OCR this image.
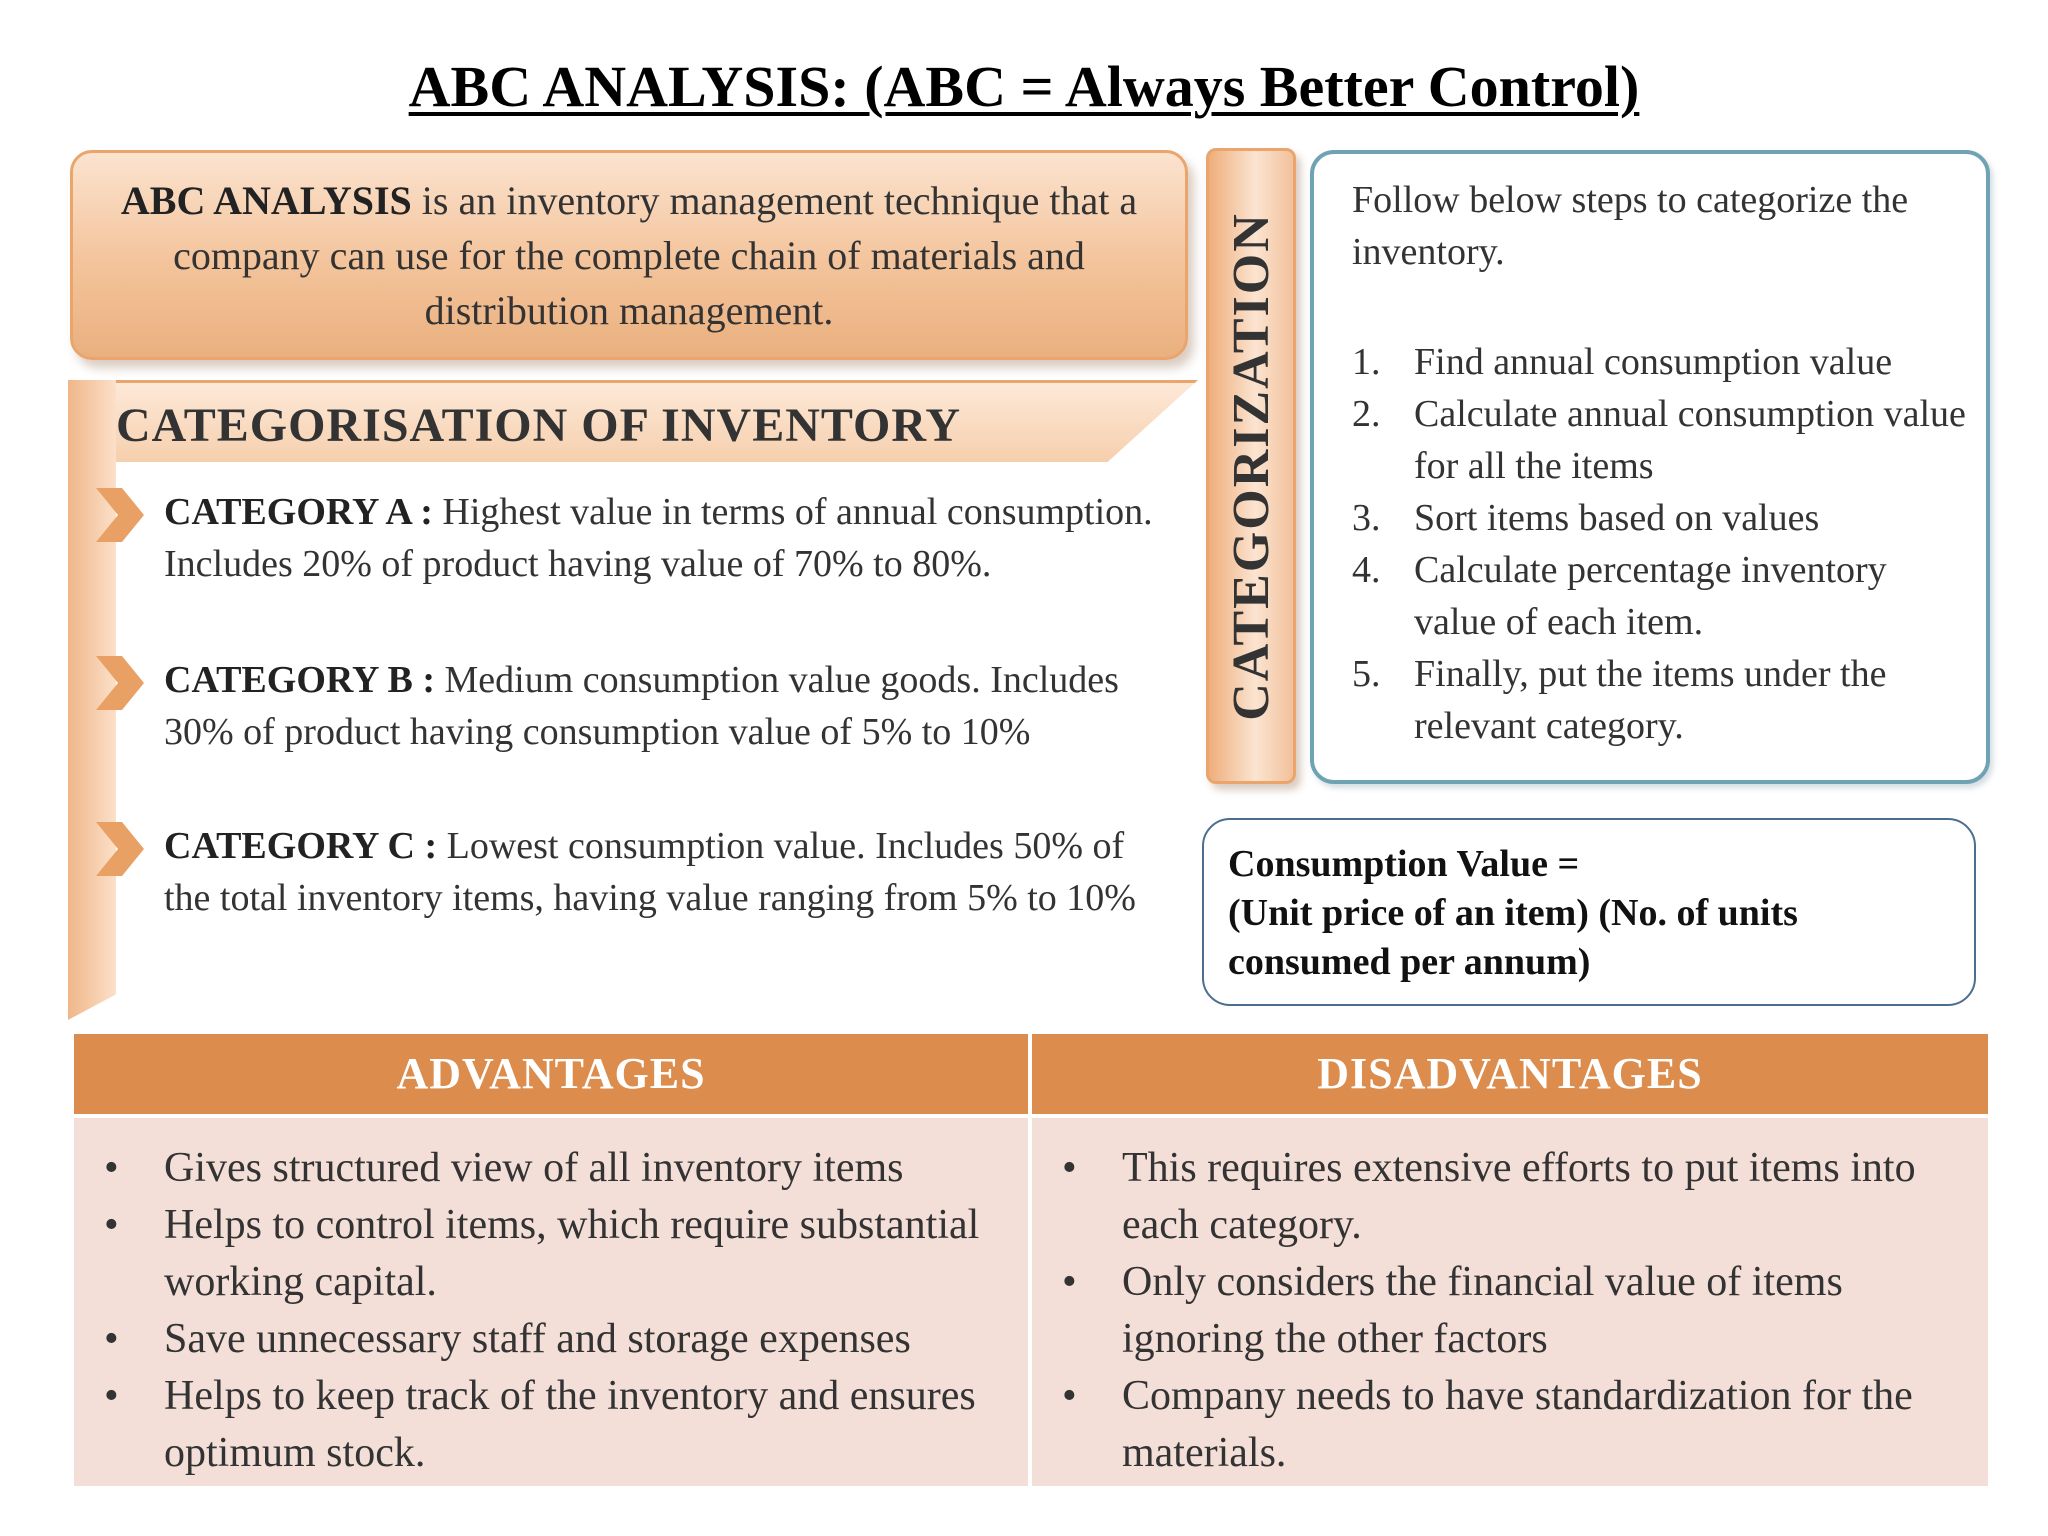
ABC ANALYSIS: (ABC = Always Better Control)
ABC ANALYSIS is an inventory management technique that a company can use for the complete chain of materials and distribution management.
CATEGORISATION OF INVENTORY
CATEGORY A : Highest value in terms of annual consumption. Includes 20% of product having value of 70% to 80%.
CATEGORY B : Medium consumption value goods. Includes 30% of product having consumption value of 5% to 10%
CATEGORY C : Lowest consumption value. Includes 50% of the total inventory items, having value ranging from 5% to 10%
CATEGORIZATION
Follow below steps to categorize the inventory.
1. Find annual consumption value
2. Calculate annual consumption value for all the items
3. Sort items based on values
4. Calculate percentage inventory value of each item.
5. Finally, put the items under the relevant category.
Consumption Value =
(Unit price of an item) (No. of units consumed per annum)
ADVANTAGES
• Gives structured view of all inventory items
• Helps to control items, which require substantial working capital.
• Save unnecessary staff and storage expenses
• Helps to keep track of the inventory and ensures optimum stock.
DISADVANTAGES
• This requires extensive efforts to put items into each category.
• Only considers the financial value of items ignoring the other factors
• Company needs to have standardization for the materials.
